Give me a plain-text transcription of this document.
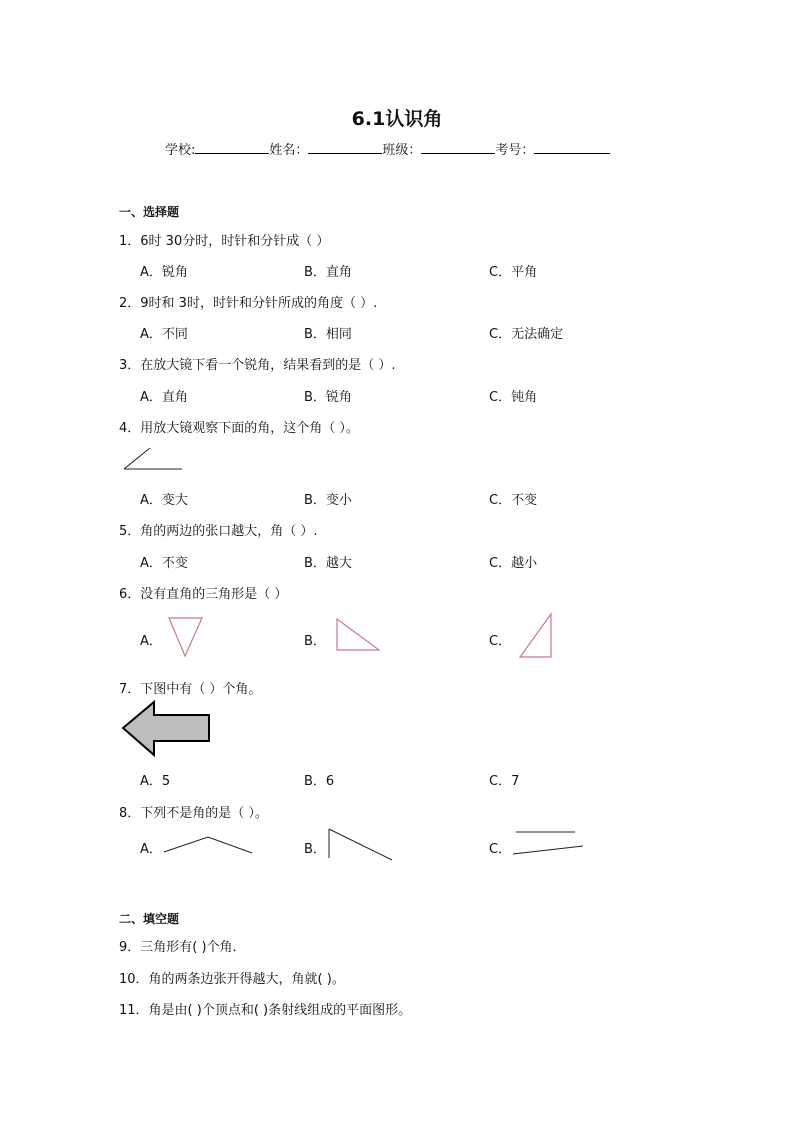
6.1认识角
学校:	姓名：	班级：	考号：
一、选择题
1．6时 30分时，时针和分针成（ ）
A．锐角	B．直角	C．平角
2．9时和 3时，时针和分针所成的角度（ ）.
A．不同	B．相同	C．无法确定
3．在放大镜下看一个锐角，结果看到的是（ ）.
A．直角	B．锐角	C．钝角
4．用放大镜观察下面的角，这个角（ ）。
A．变大	B．变小	C．不变
5．角的两边的张口越大，角（ ）.
A．不变	B．越大	C．越小
6．没有直角的三角形是（ ）
A．	B．	C．
7．下图中有（ ）个角。
A．5	B．6	C．7
8．下列不是角的是（ ）。
A．	B．	C．
二、填空题
9．三角形有( )个角．
10．角的两条边张开得越大，角就( )。
11．角是由( )个顶点和( )条射线组成的平面图形。
